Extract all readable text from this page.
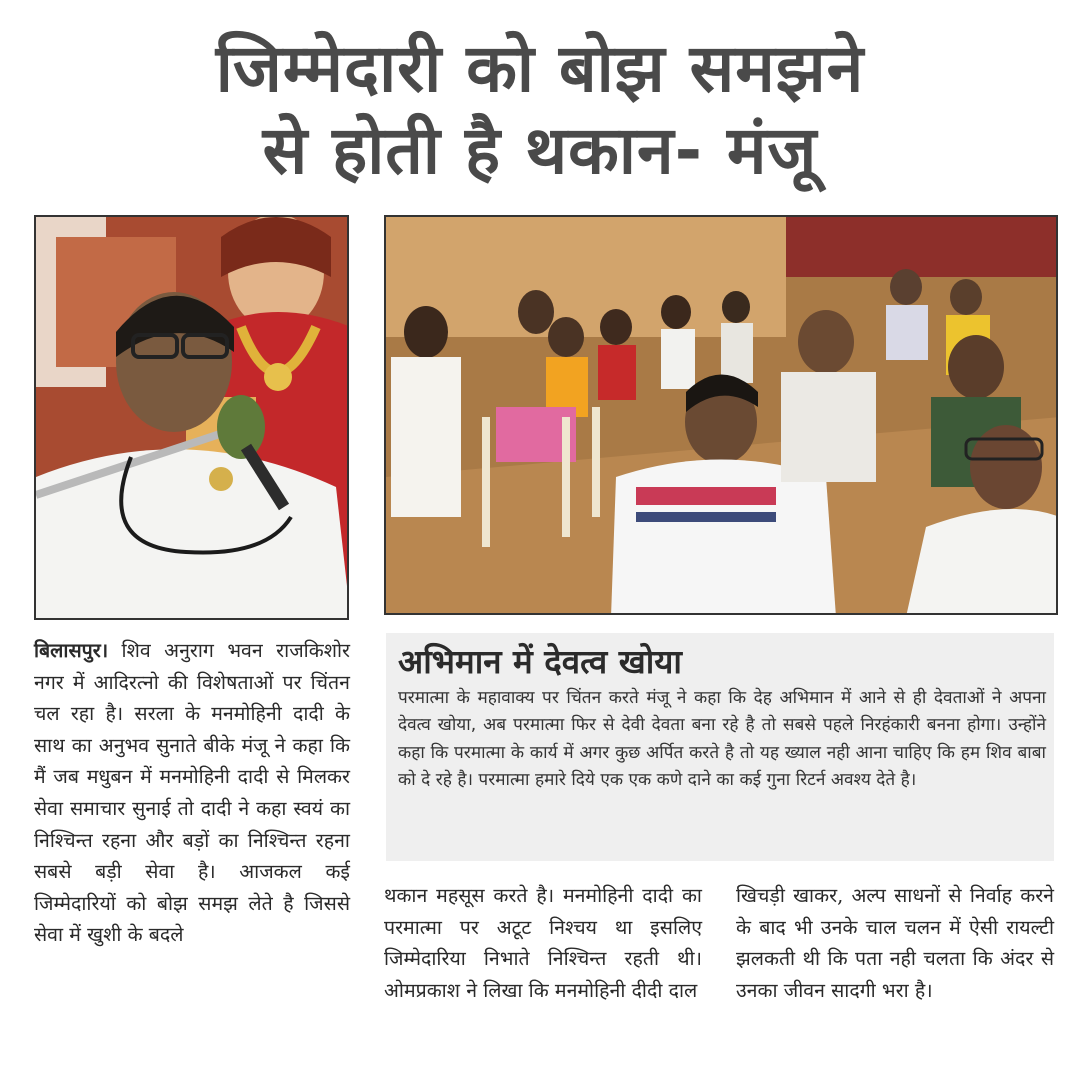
जिम्मेदारी को बोझ समझने
से होती है थकान- मंजू
बिलासपुर। शिव अनुराग भवन राजकिशोर नगर में आदिरत्नो की विशेषताओं पर चिंतन चल रहा है। सरला के मनमोहिनी दादी के साथ का अनुभव सुनाते बीके मंजू ने कहा कि मैं जब मधुबन में मनमोहिनी दादी से मिलकर सेवा समाचार सुनाई तो दादी ने कहा स्वयं का निश्चिन्त रहना और बड़ों का निश्चिन्त रहना सबसे बड़ी सेवा है। आजकल कई जिम्मेदारियों को बोझ समझ लेते है जिससे सेवा में खुशी के बदले
अभिमान में देवत्व खोया
परमात्मा के महावाक्य पर चिंतन करते मंजू ने कहा कि देह अभिमान में आने से ही देवताओं ने अपना देवत्व खोया, अब परमात्मा फिर से देवी देवता बना रहे है तो सबसे पहले निरहंकारी बनना होगा। उन्होंने कहा कि परमात्मा के कार्य में अगर कुछ अर्पित करते है तो यह ख्याल नही आना चाहिए कि हम शिव बाबा को दे रहे है। परमात्मा हमारे दिये एक एक कणे दाने का कई गुना रिटर्न अवश्य देते है।
थकान महसूस करते है। मनमोहिनी दादी का परमात्मा पर अटूट निश्चय था इसलिए जिम्मेदारिया निभाते निश्चिन्त रहती थी। ओमप्रकाश ने लिखा कि मनमोहिनी दीदी दाल
खिचड़ी खाकर, अल्प साधनों से निर्वाह करने के बाद भी उनके चाल चलन में ऐसी रायल्टी झलकती थी कि पता नही चलता कि अंदर से उनका जीवन सादगी भरा है।
